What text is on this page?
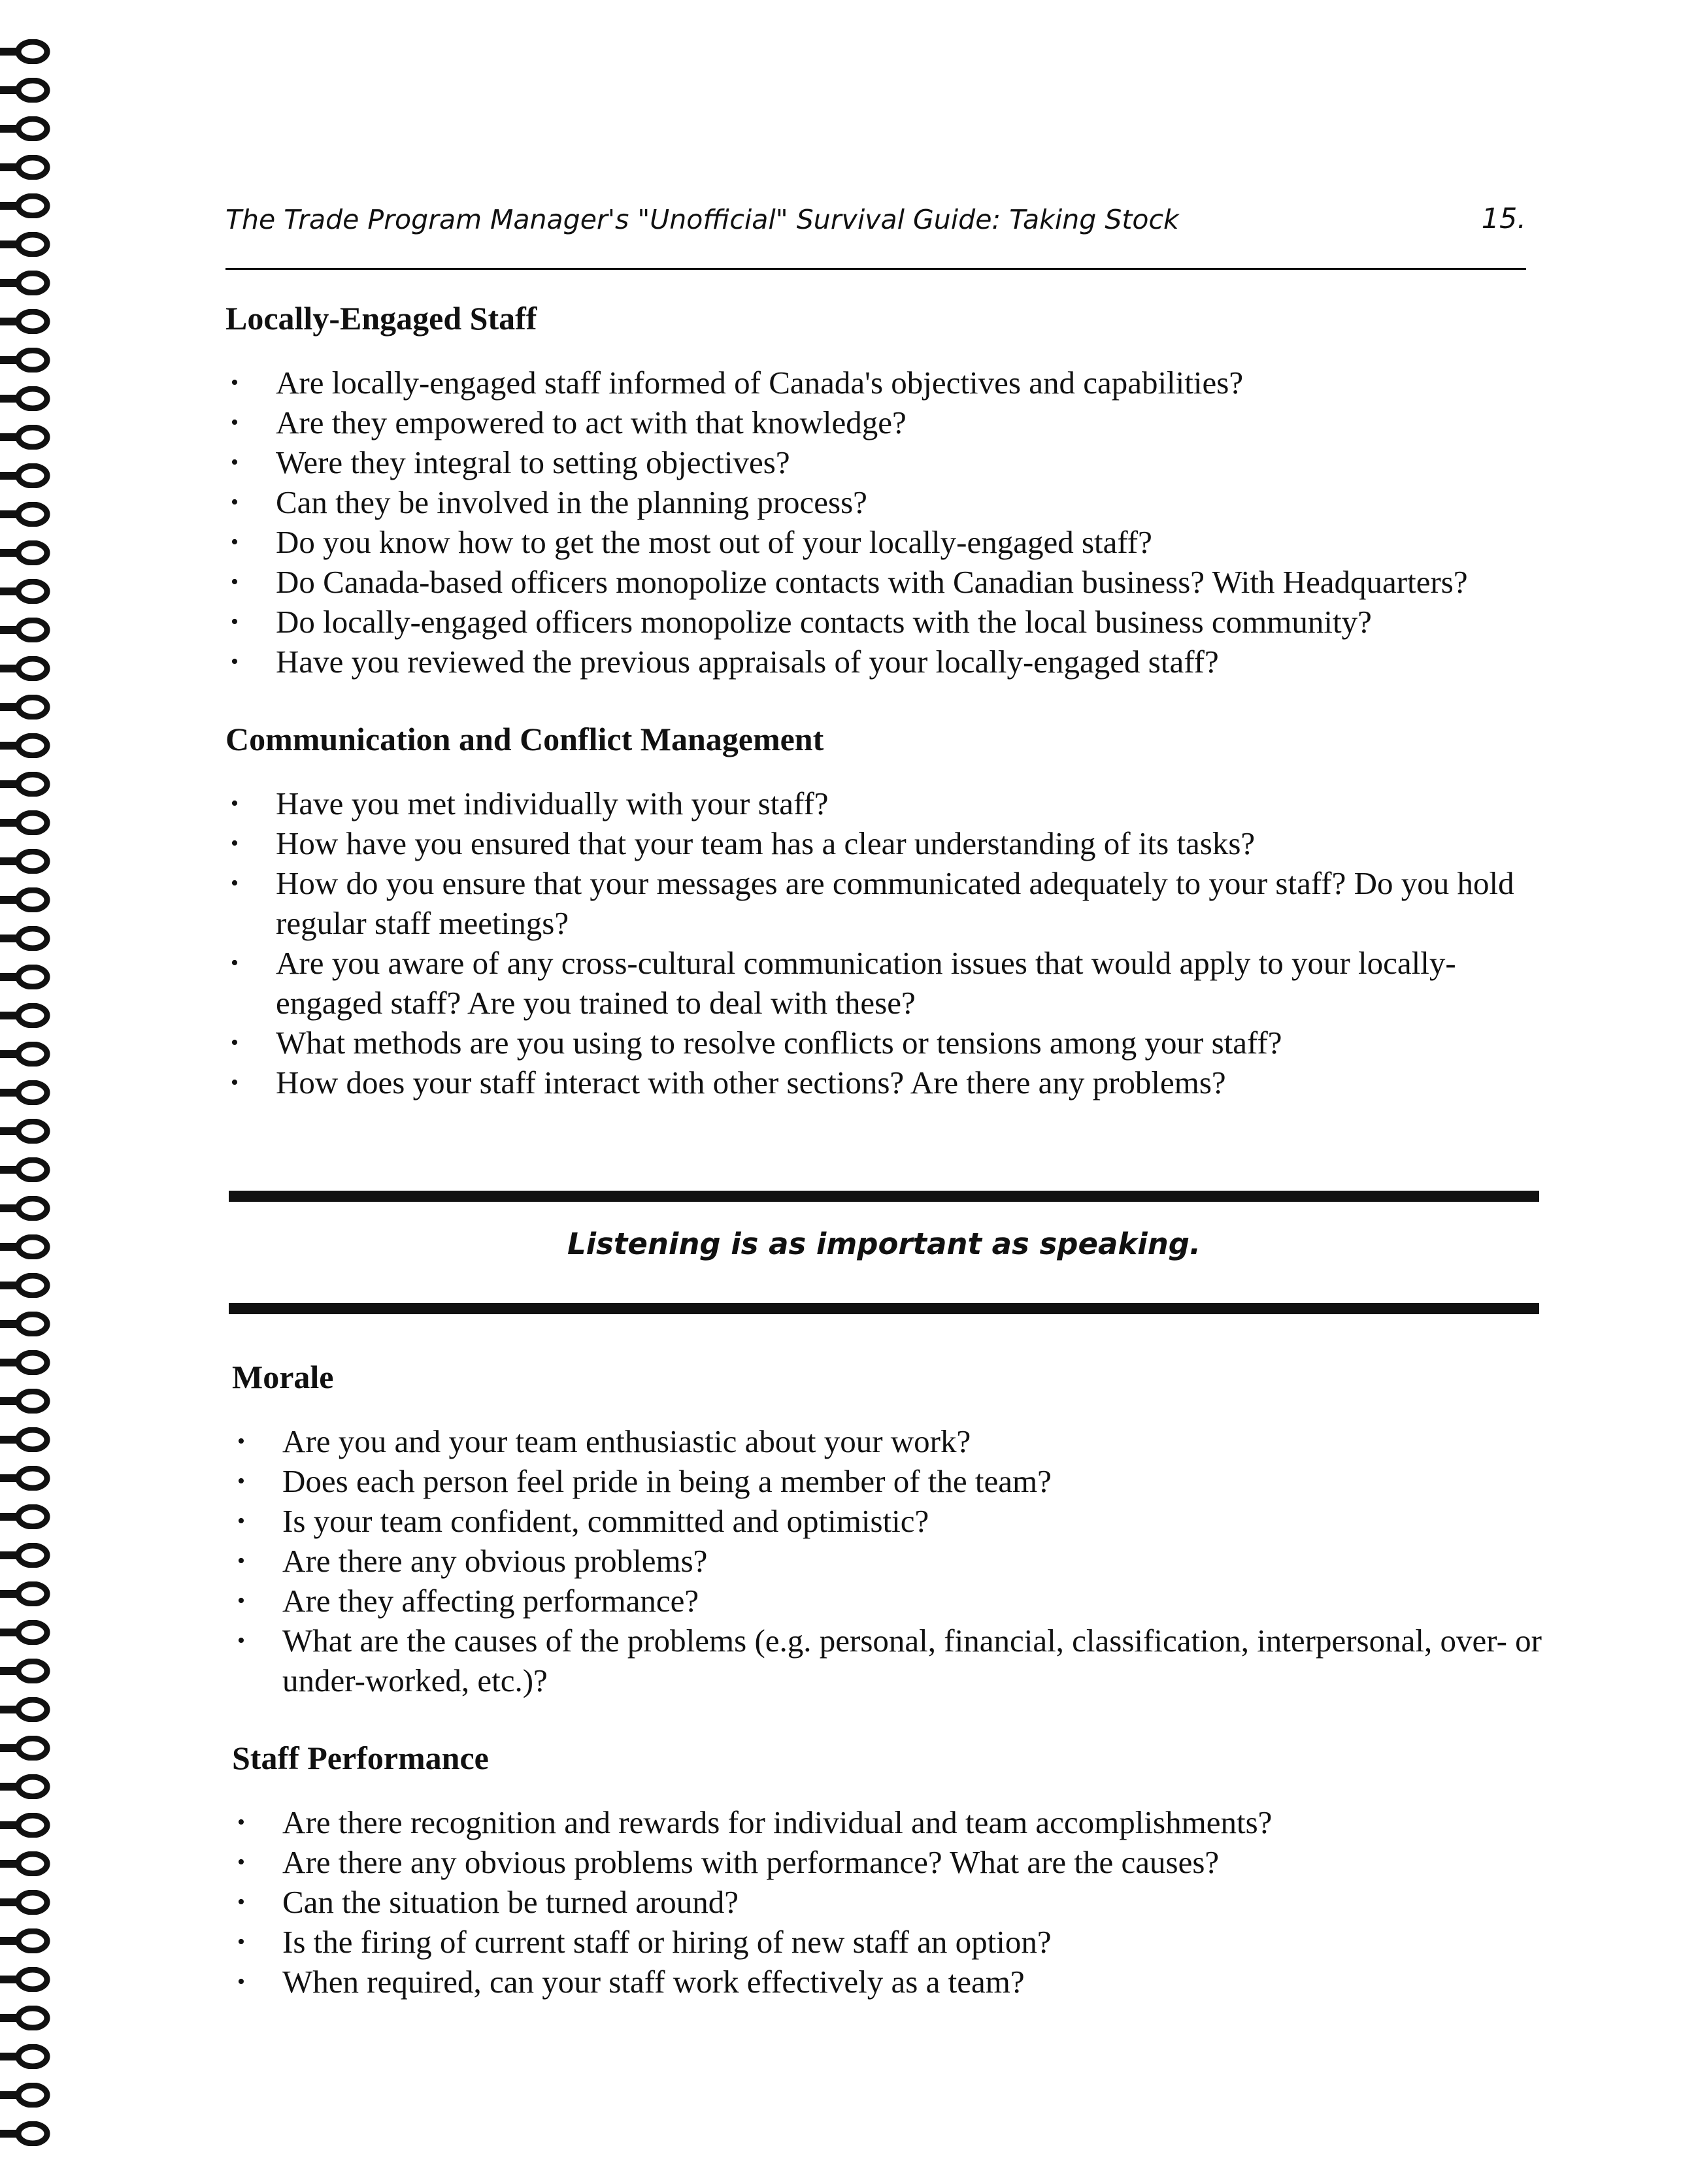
The Trade Program Manager's "Unofficial" Survival Guide: Taking Stock	15.
Locally-Engaged Staff
• Are locally-engaged staff informed of Canada's objectives and capabilities?
• Are they empowered to act with that knowledge?
• Were they integral to setting objectives?
• Can they be involved in the planning process?
• Do you know how to get the most out of your locally-engaged staff?
• Do Canada-based officers monopolize contacts with Canadian business? With Headquarters?
• Do locally-engaged officers monopolize contacts with the local business community?
• Have you reviewed the previous appraisals of your locally-engaged staff?
Communication and Conflict Management
• Have you met individually with your staff?
• How have you ensured that your team has a clear understanding of its tasks?
• How do you ensure that your messages are communicated adequately to your staff? Do you hold regular staff meetings?
• Are you aware of any cross-cultural communication issues that would apply to your locally-engaged staff? Are you trained to deal with these?
• What methods are you using to resolve conflicts or tensions among your staff?
• How does your staff interact with other sections? Are there any problems?
Listening is as important as speaking.
Morale
• Are you and your team enthusiastic about your work?
• Does each person feel pride in being a member of the team?
• Is your team confident, committed and optimistic?
• Are there any obvious problems?
• Are they affecting performance?
• What are the causes of the problems (e.g. personal, financial, classification, interpersonal, over- or under-worked, etc.)?
Staff Performance
• Are there recognition and rewards for individual and team accomplishments?
• Are there any obvious problems with performance? What are the causes?
• Can the situation be turned around?
• Is the firing of current staff or hiring of new staff an option?
• When required, can your staff work effectively as a team?
